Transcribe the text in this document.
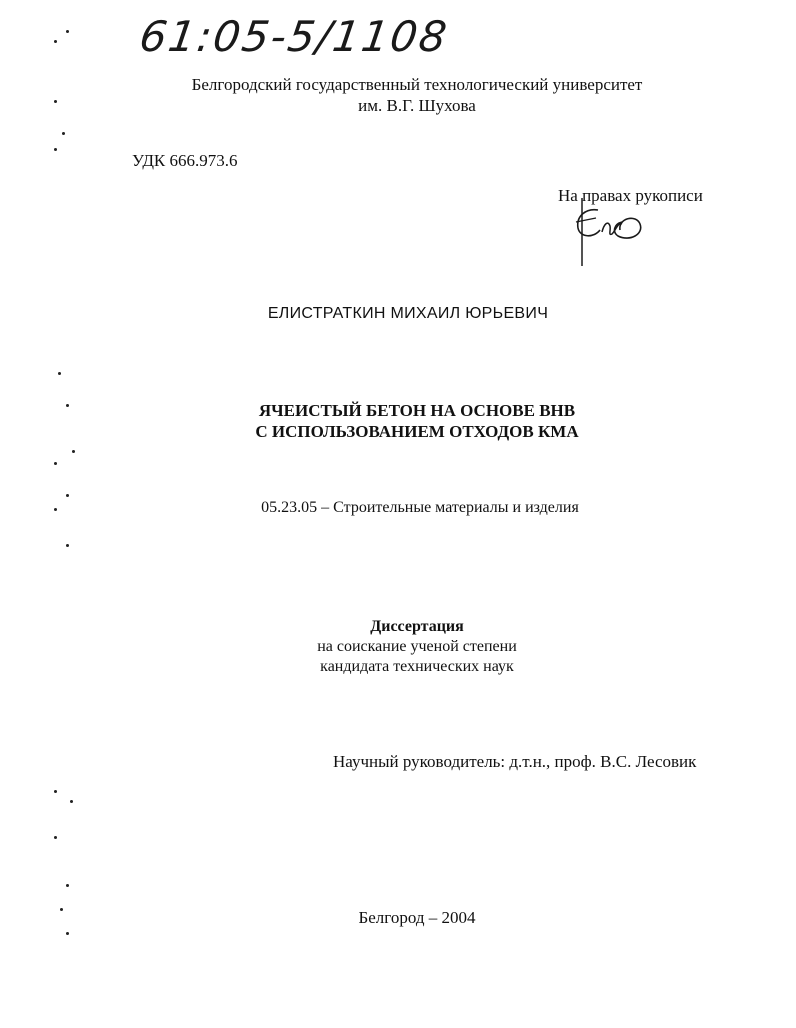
61:05-5/1108
Белгородский государственный технологический университет
им. В.Г. Шухова
УДК 666.973.6
На правах рукописи
ЕЛИСТРАТКИН МИХАИЛ ЮРЬЕВИЧ
ЯЧЕИСТЫЙ БЕТОН НА ОСНОВЕ ВНВ
С ИСПОЛЬЗОВАНИЕМ ОТХОДОВ КМА
05.23.05 – Строительные материалы и изделия
Диссертация
на соискание ученой степени
кандидата технических наук
Научный руководитель: д.т.н., проф. В.С. Лесовик
Белгород – 2004
